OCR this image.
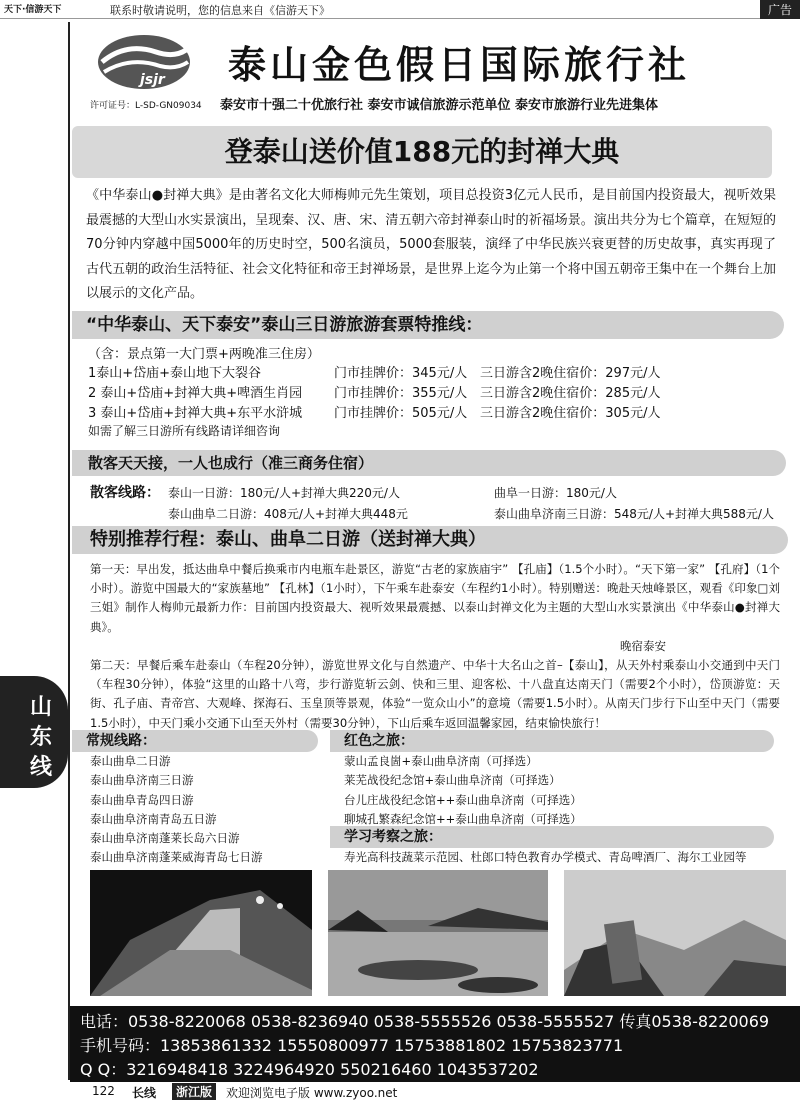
天下·信游天下	联系时敬请说明，您的信息来自《信游天下》	广告
jsjr 泰山金色假日国际旅行社
许可证号：L-SD-GN09034 泰安市十强二十优旅行社 泰安市诚信旅游示范单位 泰安市旅游行业先进集体
登泰山送价值188元的封禅大典
《中华泰山●封禅大典》是由著名文化大师梅帅元先生策划，项目总投资3亿元人民币，是目前国内投资最大，视听效果最震撼的大型山水实景演出，呈现秦、汉、唐、宋、清五朝六帝封禅泰山时的祈福场景。演出共分为七个篇章，在短短的70分钟内穿越中国5000年的历史时空，500名演员，5000套服装，演绎了中华民族兴衰更替的历史故事，真实再现了古代五朝的政治生活特征、社会文化特征和帝王封禅场景，是世界上迄今为止第一个将中国五朝帝王集中在一个舞台上加以展示的文化产品。
“中华泰山、天下泰安”泰山三日游旅游套票特推线：
（含：景点第一大门票+两晚准三住房）
1泰山+岱庙+泰山地下大裂谷	门市挂牌价：345元/人 三日游含2晚住宿价：297元/人
2 泰山+岱庙+封禅大典+啤酒生肖园 门市挂牌价：355元/人 三日游含2晚住宿价：285元/人
3 泰山+岱庙+封禅大典+东平水浒城 门市挂牌价：505元/人 三日游含2晚住宿价：305元/人
如需了解三日游所有线路请详细咨询
散客天天接，一人也成行（准三商务住宿）
散客线路： 泰山一日游：180元/人+封禅大典220元/人	曲阜一日游：180元/人
泰山曲阜二日游：408元/人+封禅大典448元	泰山曲阜济南三日游：548元/人+封禅大典588元/人
特别推荐行程：泰山、曲阜二日游（送封禅大典）
第一天：早出发，抵达曲阜中餐后换乘市内电瓶车赴景区，游览“古老的家族庙宇” 【孔庙】（1.5个小时）。“天下第一家” 【孔府】（1个小时）。游览中国最大的“家族墓地” 【孔林】（1小时），下午乘车赴泰安（车程约1小时）。特别赠送：晚赴天烛峰景区，观看《印象□刘三姐》制作人梅帅元最新力作：目前国内投资最大、视听效果最震撼、以泰山封禅文化为主题的大型山水实景演出《中华泰山●封禅大典》。
晚宿泰安
第二天：早餐后乘车赴泰山（车程20分钟），游览世界文化与自然遗产、中华十大名山之首–【泰山】，从天外村乘泰山小交通到中天门（车程30分钟），体验“这里的山路十八弯，步行游览斩云剑、快和三里、迎客松、十八盘直达南天门（需要2个小时），岱顶游览：天街、孔子庙、青帝宫、大观峰、探海石、玉皇顶等景观，体验“一览众山小”的意境（需要1.5小时）。从南天门步行下山至中天门（需要1.5小时），中天门乘小交通下山至天外村（需要30分钟），下山后乘车返回温馨家园，结束愉快旅行！
山
东
线
常规线路：
泰山曲阜二日游
泰山曲阜济南三日游
泰山曲阜青岛四日游
泰山曲阜济南青岛五日游
泰山曲阜济南蓬莱长岛六日游
泰山曲阜济南蓬莱威海青岛七日游
红色之旅：
蒙山孟良崮+泰山曲阜济南（可择选）
莱芜战役纪念馆+泰山曲阜济南（可择选）
台儿庄战役纪念馆++泰山曲阜济南（可择选）
聊城孔繁森纪念馆++泰山曲阜济南（可择选）
学习考察之旅：
寿光高科技蔬菜示范园、杜郎口特色教育办学模式、青岛啤酒厂、海尔工业园等
电话：0538-8220068 0538-8236940 0538-5555526 0538-5555527 传真0538-8220069
手机号码：13853861332 15550800977 15753881802 15753823771
Q Q：3216948418 3224964920 550216460 1043537202
122 长线	浙江版	欢迎浏览电子版 www.zyoo.net
